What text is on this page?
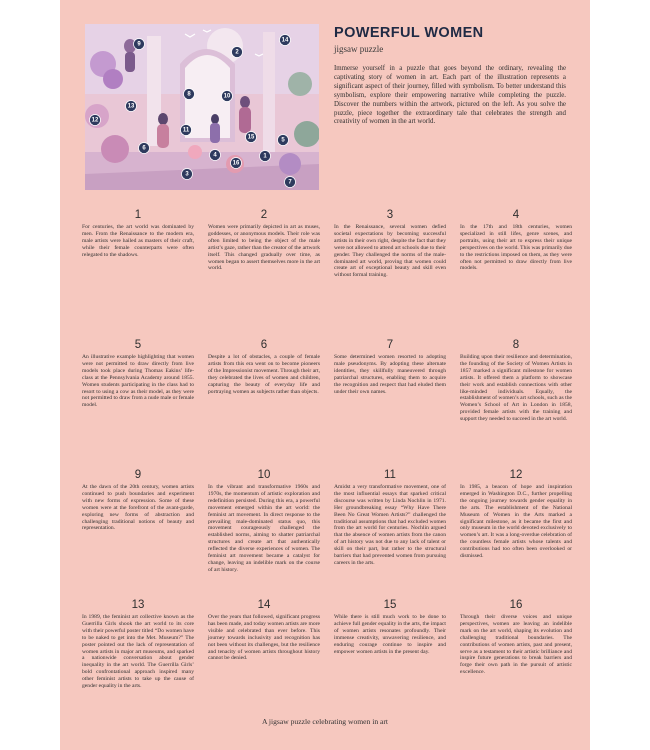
9
14
2
8	10
13
12
11
6
5
4
16
15
1
3
7
POWERFUL WOMEN
jigsaw puzzle

Immerse yourself in a puzzle that goes beyond the ordinary, revealing the captivating story of women in art. Each part of the illustration represents a significant aspect of their journey, filled with symbolism. To better understand this symbolism, explore their empowering narrative while completing the puzzle. Discover the numbers within the artwork, pictured on the left. As you solve the puzzle, piece together the extraordinary tale that celebrates the strength and creativity of women in the art world.

1
For centuries, the art world was dominated by men. From the Renaissance to the modern era, male artists were hailed as masters of their craft, while their female counterparts were often relegated to the shadows.
2
Women were primarily depicted in art as muses, goddesses, or anonymous models. Their role was often limited to being the object of the male artist’s gaze, rather than the creator of the artwork itself. This changed gradually over time, as women began to assert themselves more in the art world.
3
In the Renaissance, several women defied societal expectations by becoming successful artists in their own right, despite the fact that they were not allowed to attend art schools due to their gender. They challenged the norms of the male-dominated art world, proving that women could create art of exceptional beauty and skill even without formal training.
4
In the 17th and 18th centuries, women specialized in still lifes, genre scenes, and portraits, using their art to express their unique perspectives on the world. This was primarily due to the restrictions imposed on them, as they were often not permitted to draw directly from live models.
5
An illustrative example highlighting that women were not permitted to draw directly from live models took place during Thomas Eakins’ life-class at the Pennsylvania Academy around 1855. Women students participating in the class had to resort to using a cow as their model, as they were not permitted to draw from a nude male or female model.
6
Despite a lot of obstacles, a couple of female artists from this era went on to become pioneers of the Impressionist movement. Through their art, they celebrated the lives of women and children, capturing the beauty of everyday life and portraying women as subjects rather than objects.
7
Some determined women resorted to adopting male pseudonyms. By adopting these alternate identities, they skillfully maneuvered through patriarchal structures, enabling them to acquire the recognition and respect that had eluded them under their own names.
8
Building upon their resilience and determination, the founding of the Society of Women Artists in 1857 marked a significant milestone for women artists. It offered them a platform to showcase their work and establish connections with other like-minded individuals. Equally, the establishment of women’s art schools, such as the Women’s School of Art in London in 1858, provided female artists with the training and support they needed to succeed in the art world.
9
At the dawn of the 20th century, women artists continued to push boundaries and experiment with new forms of expression. Some of these women were at the forefront of the avant-garde, exploring new forms of abstraction and challenging traditional notions of beauty and representation.
10
In the vibrant and transformative 1960s and 1970s, the momentum of artistic exploration and redefinition persisted. During this era, a powerful movement emerged within the art world: the feminist art movement. In direct response to the prevailing male-dominated status quo, this movement courageously challenged the established norms, aiming to shatter patriarchal structures and create art that authentically reflected the diverse experiences of women. The feminist art movement became a catalyst for change, leaving an indelible mark on the course of art history.
11
Amidst a very transformative movement, one of the most influential essays that sparked critical discourse was written by Linda Nochlin in 1971. Her groundbreaking essay “Why Have There Been No Great Women Artists?” challenged the traditional assumptions that had excluded women from the art world for centuries. Nochlin argued that the absence of women artists from the canon of art history was not due to any lack of talent or skill on their part, but rather to the structural barriers that had prevented women from pursuing careers in the arts.
12
In 1985, a beacon of hope and inspiration emerged in Washington D.C., further propelling the ongoing journey towards gender equality in the arts. The establishment of the National Museum of Women in the Arts marked a significant milestone, as it became the first and only museum in the world devoted exclusively to women’s art. It was a long-overdue celebration of the countless female artists whose talents and contributions had too often been overlooked or dismissed.
13
In 1989, the feminist art collective known as the Guerrilla Girls shook the art world to its core with their powerful poster titled “Do women have to be naked to get into the Met. Museum?” The poster pointed out the lack of representation of women artists in major art museums, and sparked a nationwide conversation about gender inequality in the art world. The Guerrilla Girls’ bold confrontational approach inspired many other feminist artists to take up the cause of gender equality in the arts.
14
Over the years that followed, significant progress has been made, and today women artists are more visible and celebrated than ever before. This journey towards inclusivity and recognition has not been without its challenges, but the resilience and tenacity of women artists throughout history cannot be denied.
15
While there is still much work to be done to achieve full gender equality in the arts, the impact of women artists resonates profoundly. Their immense creativity, unwavering resilience, and enduring courage continue to inspire and empower women artists in the present day.
16
Through their diverse voices and unique perspectives, women are leaving an indelible mark on the art world, shaping its evolution and challenging traditional boundaries. The contributions of women artists, past and present, serve as a testament to their artistic brilliance and inspire future generations to break barriers and forge their own path in the pursuit of artistic excellence.
A jigsaw puzzle celebrating women in art
